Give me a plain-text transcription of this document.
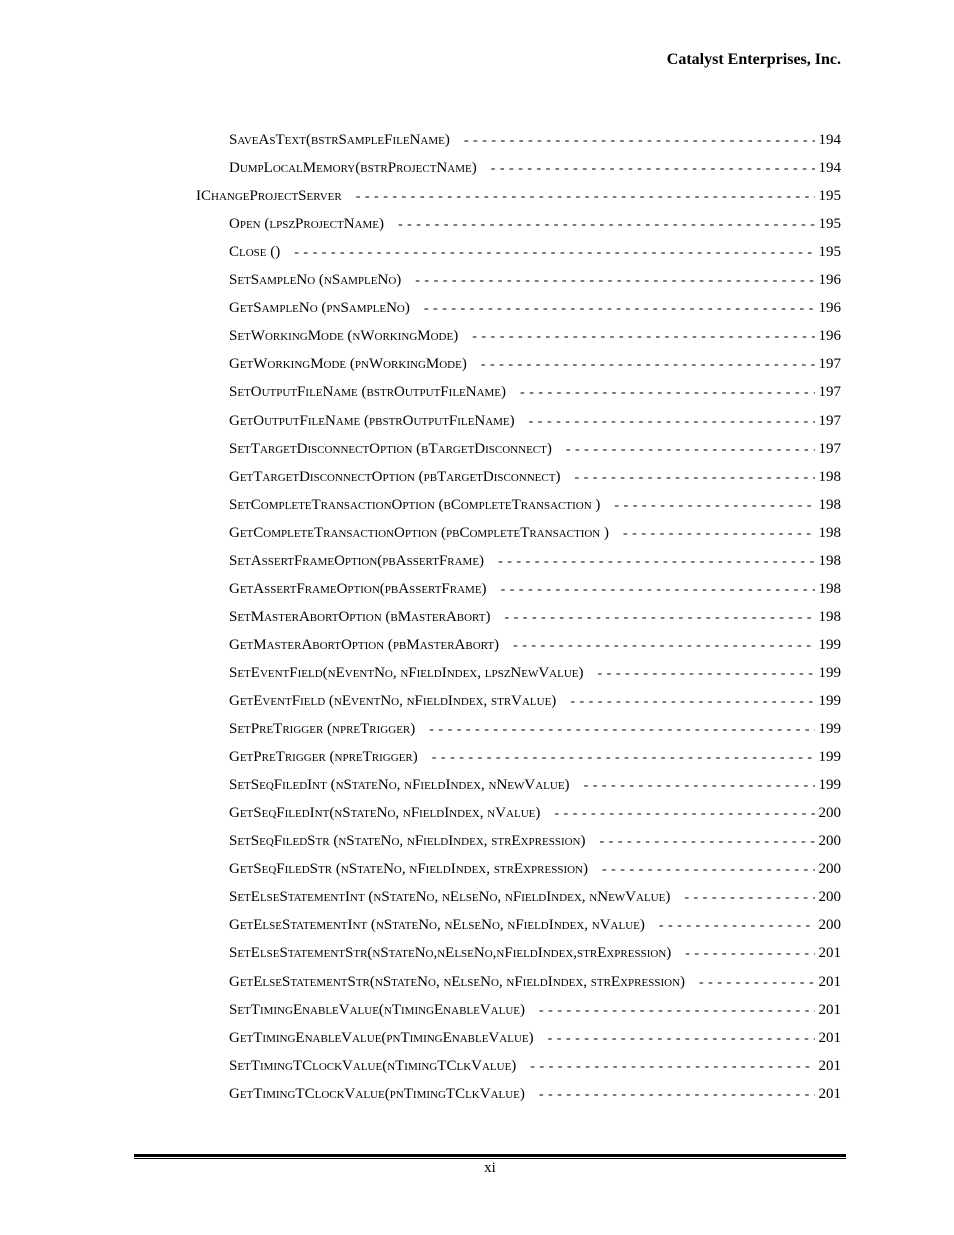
Catalyst Enterprises, Inc.
SaveAsText(bstrSampleFileName) - - -	194
DumpLocalMemory(bstrProjectName) - - -	194
IChangeProjectServer - - -	195
Open (lpszProjectName) - - -	195
Close () - - -	195
SetSampleNo (nSampleNo) - - -	196
GetSampleNo (pnSampleNo) - - -	196
SetWorkingMode (nWorkingMode) - - -	196
GetWorkingMode (pnWorkingMode) - - -	197
SetOutputFileName (bstrOutputFileName) - - -	197
GetOutputFileName (pbstrOutputFileName) - - -	197
SetTargetDisconnectOption (bTargetDisconnect) - - -	197
GetTargetDisconnectOption (pbTargetDisconnect) - - -	198
SetCompleteTransactionOption (bCompleteTransaction ) - - -	198
GetCompleteTransactionOption (pbCompleteTransaction ) - - -	198
SetAssertFrameOption(pbAssertFrame) - - -	198
GetAssertFrameOption(pbAssertFrame) - - -	198
SetMasterAbortOption (bMasterAbort) - - -	198
GetMasterAbortOption (pbMasterAbort) - - -	199
SetEventField(nEventNo, nFieldIndex, lpszNewValue) - - -	199
GetEventField (nEventNo, nFieldIndex, strValue) - - -	199
SetPreTrigger (npreTrigger) - - -	199
GetPreTrigger (npreTrigger) - - -	199
SetSeqFiledInt (nStateNo, nFieldIndex, nNewValue) - - -	199
GetSeqFiledInt(nStateNo, nFieldIndex, nValue) - - -	200
SetSeqFiledStr (nStateNo, nFieldIndex, strExpression) - - -	200
GetSeqFiledStr (nStateNo, nFieldIndex, strExpression) - - -	200
SetElseStatementInt (nStateNo, nElseNo, nFieldIndex, nNewValue) - - -	200
GetElseStatementInt (nStateNo, nElseNo, nFieldIndex, nValue) - - -	200
SetElseStatementStr(nStateNo,nElseNo,nFieldIndex,strExpression) - - -	201
GetElseStatementStr(nStateNo, nElseNo, nFieldIndex, strExpression) - - -	201
SetTimingEnableValue(nTimingEnableValue) - - -	201
GetTimingEnableValue(pnTimingEnableValue) - - -	201
SetTimingTClockValue(nTimingTClkValue) - - -	201
GetTimingTClockValue(pnTimingTClkValue) - - -	201
xi
